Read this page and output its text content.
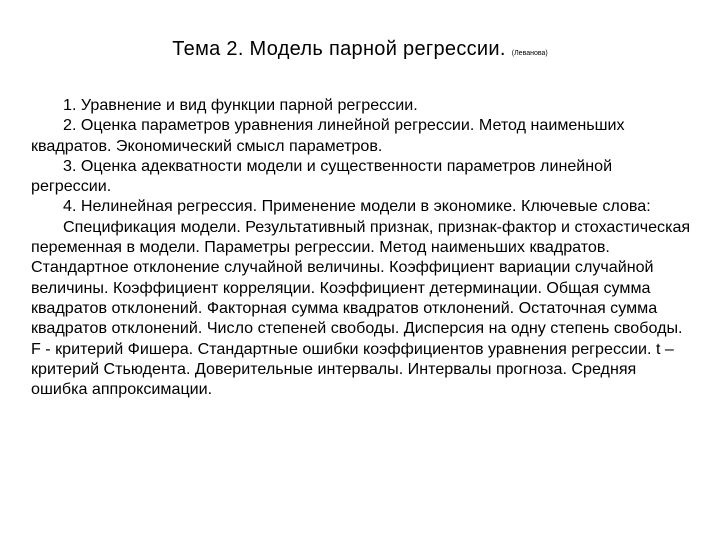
Тема 2. Модель парной регрессии. (Леванова)

1. Уравнение и вид функции парной регрессии.

2. Оценка параметров уравнения линейной регрессии. Метод наименьших квадратов. Экономический смысл параметров.

3. Оценка адекватности модели и существенности параметров линейной регрессии.

4. Нелинейная регрессия. Применение модели в экономике. Ключевые слова:

Спецификация модели. Результативный признак, признак-фактор и стохастическая переменная в модели. Параметры регрессии. Метод наименьших квадратов. Стандартное отклонение случайной величины. Коэффициент вариации случайной величины. Коэффициент корреляции. Коэффициент детерминации. Общая сумма квадратов отклонений. Факторная сумма квадратов отклонений. Остаточная сумма квадратов отклонений. Число степеней свободы. Дисперсия на одну степень свободы. F - критерий Фишера. Стандартные ошибки коэффициентов уравнения регрессии. t – критерий Стьюдента. Доверительные интервалы. Интервалы прогноза. Средняя ошибка аппроксимации.
